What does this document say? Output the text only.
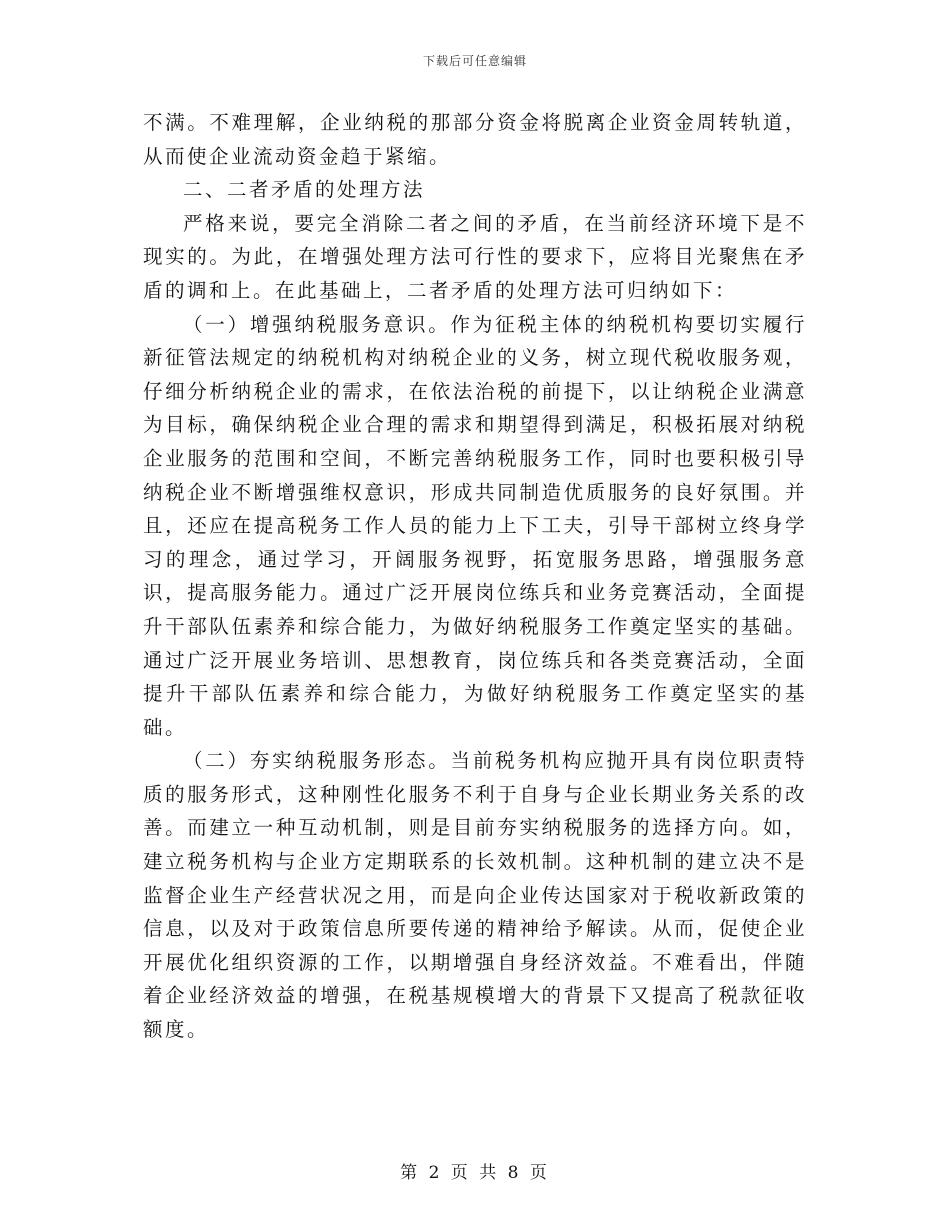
下载后可任意编辑

不满。不难理解，企业纳税的那部分资金将脱离企业资金周转轨道，从而使企业流动资金趋于紧缩。

二、二者矛盾的处理方法

严格来说，要完全消除二者之间的矛盾，在当前经济环境下是不现实的。为此，在增强处理方法可行性的要求下，应将目光聚焦在矛盾的调和上。在此基础上，二者矛盾的处理方法可归纳如下：

（一）增强纳税服务意识。作为征税主体的纳税机构要切实履行新征管法规定的纳税机构对纳税企业的义务，树立现代税收服务观，仔细分析纳税企业的需求，在依法治税的前提下，以让纳税企业满意为目标，确保纳税企业合理的需求和期望得到满足，积极拓展对纳税企业服务的范围和空间，不断完善纳税服务工作，同时也要积极引导纳税企业不断增强维权意识，形成共同制造优质服务的良好氛围。并且，还应在提高税务工作人员的能力上下工夫，引导干部树立终身学习的理念，通过学习，开阔服务视野，拓宽服务思路，增强服务意识，提高服务能力。通过广泛开展岗位练兵和业务竞赛活动，全面提升干部队伍素养和综合能力，为做好纳税服务工作奠定坚实的基础。通过广泛开展业务培训、思想教育，岗位练兵和各类竞赛活动，全面提升干部队伍素养和综合能力，为做好纳税服务工作奠定坚实的基础。

（二）夯实纳税服务形态。当前税务机构应抛开具有岗位职责特质的服务形式，这种刚性化服务不利于自身与企业长期业务关系的改善。而建立一种互动机制，则是目前夯实纳税服务的选择方向。如，建立税务机构与企业方定期联系的长效机制。这种机制的建立决不是监督企业生产经营状况之用，而是向企业传达国家对于税收新政策的信息，以及对于政策信息所要传递的精神给予解读。从而，促使企业开展优化组织资源的工作，以期增强自身经济效益。不难看出，伴随着企业经济效益的增强，在税基规模增大的背景下又提高了税款征收额度。

第 2 页 共 8 页
